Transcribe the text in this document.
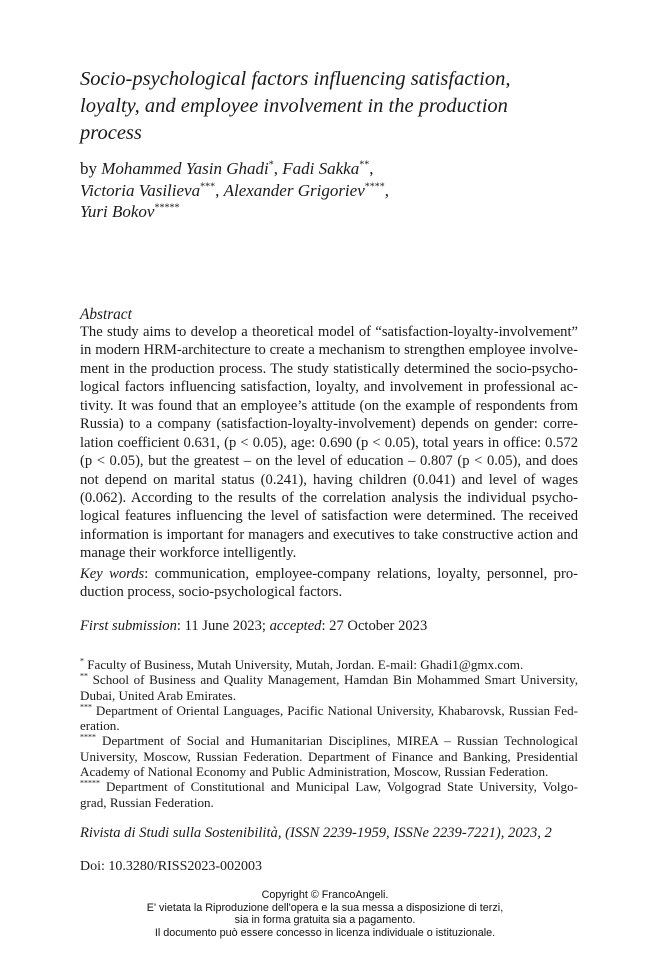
Socio-psychological factors influencing satisfaction,
loyalty, and employee involvement in the production
process
by Mohammed Yasin Ghadi*, Fadi Sakka**,
Victoria Vasilieva***, Alexander Grigoriev****,
Yuri Bokov*****
Abstract
The study aims to develop a theoretical model of “satisfaction-loyalty-involvement”
in modern HRM-architecture to create a mechanism to strengthen employee involve-
ment in the production process. The study statistically determined the socio-psycho-
logical factors influencing satisfaction, loyalty, and involvement in professional ac-
tivity. It was found that an employee’s attitude (on the example of respondents from
Russia) to a company (satisfaction-loyalty-involvement) depends on gender: corre-
lation coefficient 0.631, (p < 0.05), age: 0.690 (p < 0.05), total years in office: 0.572
(p < 0.05), but the greatest – on the level of education – 0.807 (p < 0.05), and does
not depend on marital status (0.241), having children (0.041) and level of wages
(0.062). According to the results of the correlation analysis the individual psycho-
logical features influencing the level of satisfaction were determined. The received
information is important for managers and executives to take constructive action and
manage their workforce intelligently.
Key words: communication, employee-company relations, loyalty, personnel, pro-
duction process, socio-psychological factors.
First submission: 11 June 2023; accepted: 27 October 2023
* Faculty of Business, Mutah University, Mutah, Jordan. E-mail: Ghadi1@gmx.com.
** School of Business and Quality Management, Hamdan Bin Mohammed Smart University,
Dubai, United Arab Emirates.
*** Department of Oriental Languages, Pacific National University, Khabarovsk, Russian Fed-
eration.
**** Department of Social and Humanitarian Disciplines, MIREA – Russian Technological
University, Moscow, Russian Federation. Department of Finance and Banking, Presidential
Academy of National Economy and Public Administration, Moscow, Russian Federation.
***** Department of Constitutional and Municipal Law, Volgograd State University, Volgo-
grad, Russian Federation.
Rivista di Studi sulla Sostenibilità, (ISSN 2239-1959, ISSNe 2239-7221), 2023, 2
Doi: 10.3280/RISS2023-002003
Copyright © FrancoAngeli.
E' vietata la Riproduzione dell'opera e la sua messa a disposizione di terzi,
sia in forma gratuita sia a pagamento.
Il documento può essere concesso in licenza individuale o istituzionale.
